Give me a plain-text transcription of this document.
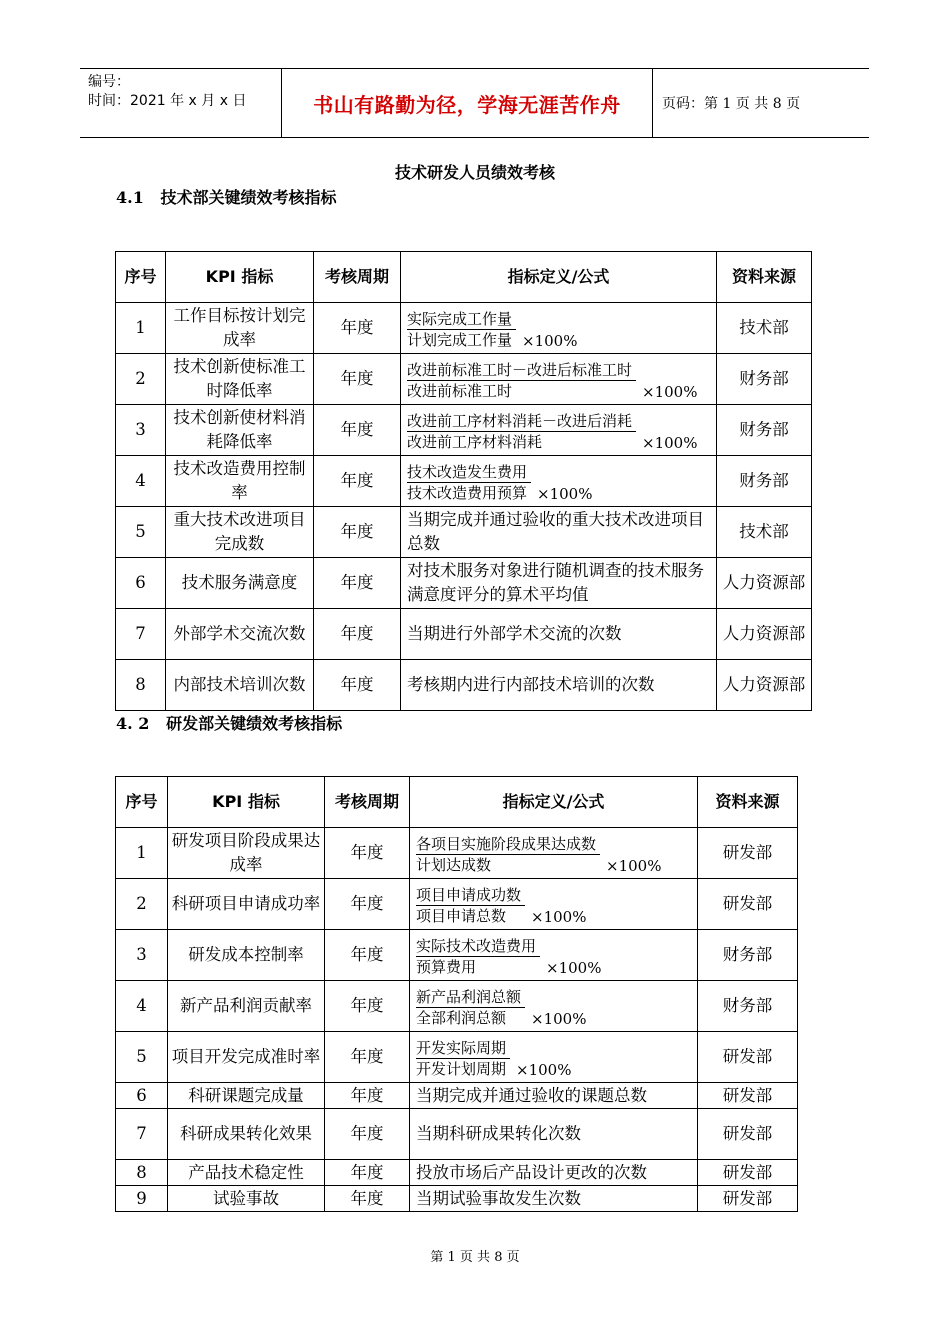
编号：
时间：2021 年 x 月 x 日	书山有路勤为径，学海无涯苦作舟	页码：第 1 页 共 8 页
技术研发人员绩效考核
4.1   技术部关键绩效考核指标
序号	KPI 指标	考核周期	指标定义/公式	资料来源
1	工作目标按计划完成率	年度	$\frac{\text{实际完成工作量}}{\text{计划完成工作量}} \times 100\%$	技术部
2	技术创新使标准工时降低率	年度	$\frac{\text{改进前标准工时－改进后标准工时}}{\text{改进前标准工时}} \times 100\%$	财务部
3	技术创新使材料消耗降低率	年度	$\frac{\text{改进前工序材料消耗－改进后消耗}}{\text{改进前工序材料消耗}} \times 100\%$	财务部
4	技术改造费用控制率	年度	$\frac{\text{技术改造发生费用}}{\text{技术改造费用预算}} \times 100\%$	财务部
5	重大技术改进项目完成数	年度	当期完成并通过验收的重大技术改进项目总数	技术部
6	技术服务满意度	年度	对技术服务对象进行随机调查的技术服务满意度评分的算术平均值	人力资源部
7	外部学术交流次数	年度	当期进行外部学术交流的次数	人力资源部
8	内部技术培训次数	年度	考核期内进行内部技术培训的次数	人力资源部
4. 2   研发部关键绩效考核指标
序号	KPI 指标	考核周期	指标定义/公式	资料来源
1	研发项目阶段成果达成率	年度	$\frac{\text{各项目实施阶段成果达成数}}{\text{计划达成数}} \times 100\%$	研发部
2	科研项目申请成功率	年度	$\frac{\text{项目申请成功数}}{\text{项目申请总数}} \times 100\%$	研发部
3	研发成本控制率	年度	$\frac{\text{实际技术改造费用}}{\text{预算费用}} \times 100\%$	财务部
4	新产品利润贡献率	年度	$\frac{\text{新产品利润总额}}{\text{全部利润总额}} \times 100\%$	财务部
5	项目开发完成准时率	年度	$\frac{\text{开发实际周期}}{\text{开发计划周期}} \times 100\%$	研发部
6	科研课题完成量	年度	当期完成并通过验收的课题总数	研发部
7	科研成果转化效果	年度	当期科研成果转化次数	研发部
8	产品技术稳定性	年度	投放市场后产品设计更改的次数	研发部
9	试验事故	年度	当期试验事故发生次数	研发部
第 1 页 共 8 页
